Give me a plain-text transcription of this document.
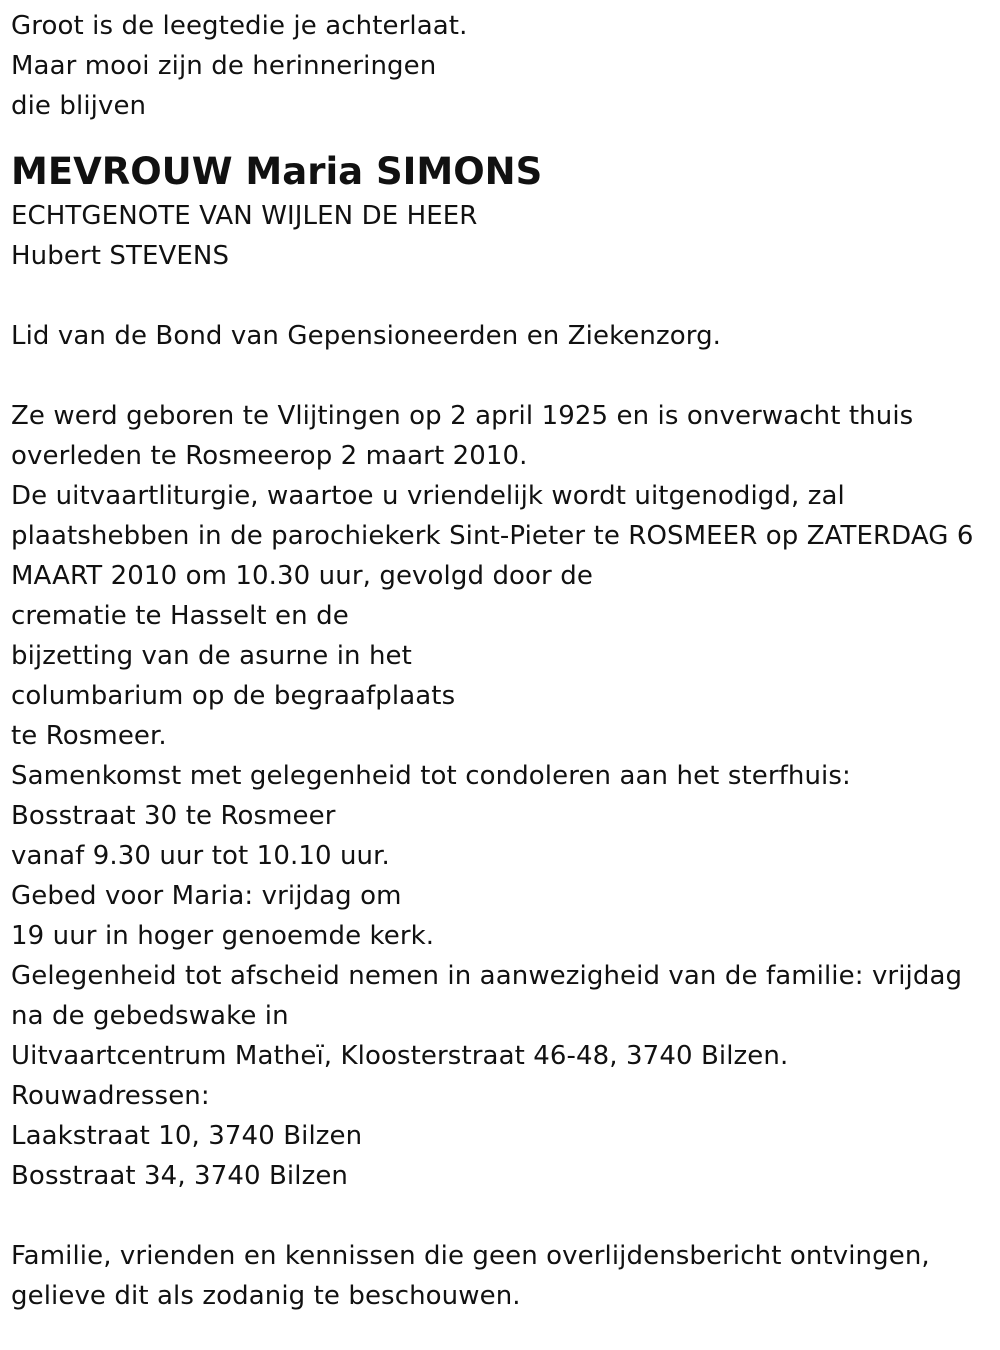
Groot is de leegtedie je achterlaat.
Maar mooi zijn de herinneringen
die blijven
MEVROUW Maria SIMONS
ECHTGENOTE VAN WIJLEN DE HEER
Hubert STEVENS
Lid van de Bond van Gepensioneerden en Ziekenzorg.
Ze werd geboren te Vlijtingen op 2 april 1925 en is onverwacht thuis
overleden te Rosmeerop 2 maart 2010.
De uitvaartliturgie, waartoe u vriendelijk wordt uitgenodigd, zal
plaatshebben in de parochiekerk Sint-Pieter te ROSMEER op ZATERDAG 6
MAART 2010 om 10.30 uur, gevolgd door de
crematie te Hasselt en de
bijzetting van de asurne in het
columbarium op de begraafplaats
te Rosmeer.
Samenkomst met gelegenheid tot condoleren aan het sterfhuis:
Bosstraat 30 te Rosmeer
vanaf 9.30 uur tot 10.10 uur.
Gebed voor Maria: vrijdag om
19 uur in hoger genoemde kerk.
Gelegenheid tot afscheid nemen in aanwezigheid van de familie: vrijdag
na de gebedswake in
Uitvaartcentrum Matheï, Kloosterstraat 46-48, 3740 Bilzen.
Rouwadressen:
Laakstraat 10, 3740 Bilzen
Bosstraat 34, 3740 Bilzen
Familie, vrienden en kennissen die geen overlijdensbericht ontvingen,
gelieve dit als zodanig te beschouwen.
